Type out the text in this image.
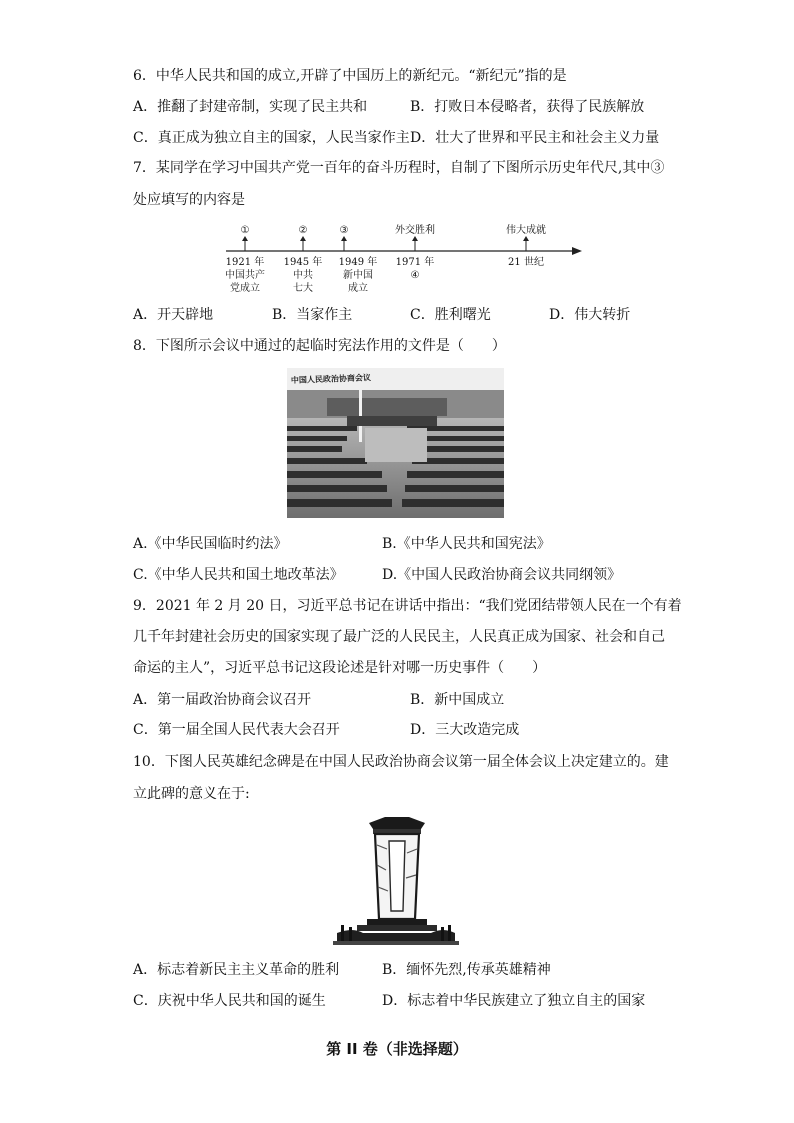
6．中华人民共和国的成立,开辟了中国历上的新纪元。“新纪元”指的是
A．推翻了封建帝制，实现了民主共和	B．打败日本侵略者，获得了民族解放
C．真正成为独立自主的国家，人民当家作主 D．壮大了世界和平民主和社会主义力量
7．某同学在学习中国共产党一百年的奋斗历程时，自制了下图所示历史年代尺,其中③
处应填写的内容是
①	②	③	外交胜利	伟大成就
1921 年 1945 年 1949 年 1971 年	21 世纪
中国共产	中共	新中国	④
党成立	七大	成立
A．开天辟地	B．当家作主	C．胜利曙光	D．伟大转折
8．下图所示会议中通过的起临时宪法作用的文件是（　　）
中国人民政治协商会议
A.《中华民国临时约法》	B.《中华人民共和国宪法》
C.《中华人民共和国土地改革法》	D.《中国人民政治协商会议共同纲领》
9．2021 年 2 月 20 日，习近平总书记在讲话中指出：“我们党团结带领人民在一个有着
几千年封建社会历史的国家实现了最广泛的人民民主，人民真正成为国家、社会和自己
命运的主人”，习近平总书记这段论述是针对哪一历史事件（　　）
A．第一届政治协商会议召开	B．新中国成立
C．第一届全国人民代表大会召开	D．三大改造完成
10．下图人民英雄纪念碑是在中国人民政治协商会议第一届全体会议上决定建立的。建
立此碑的意义在于:
A．标志着新民主主义革命的胜利	B．缅怀先烈,传承英雄精神
C．庆祝中华人民共和国的诞生	D．标志着中华民族建立了独立自主的国家
第 II 卷（非选择题）
